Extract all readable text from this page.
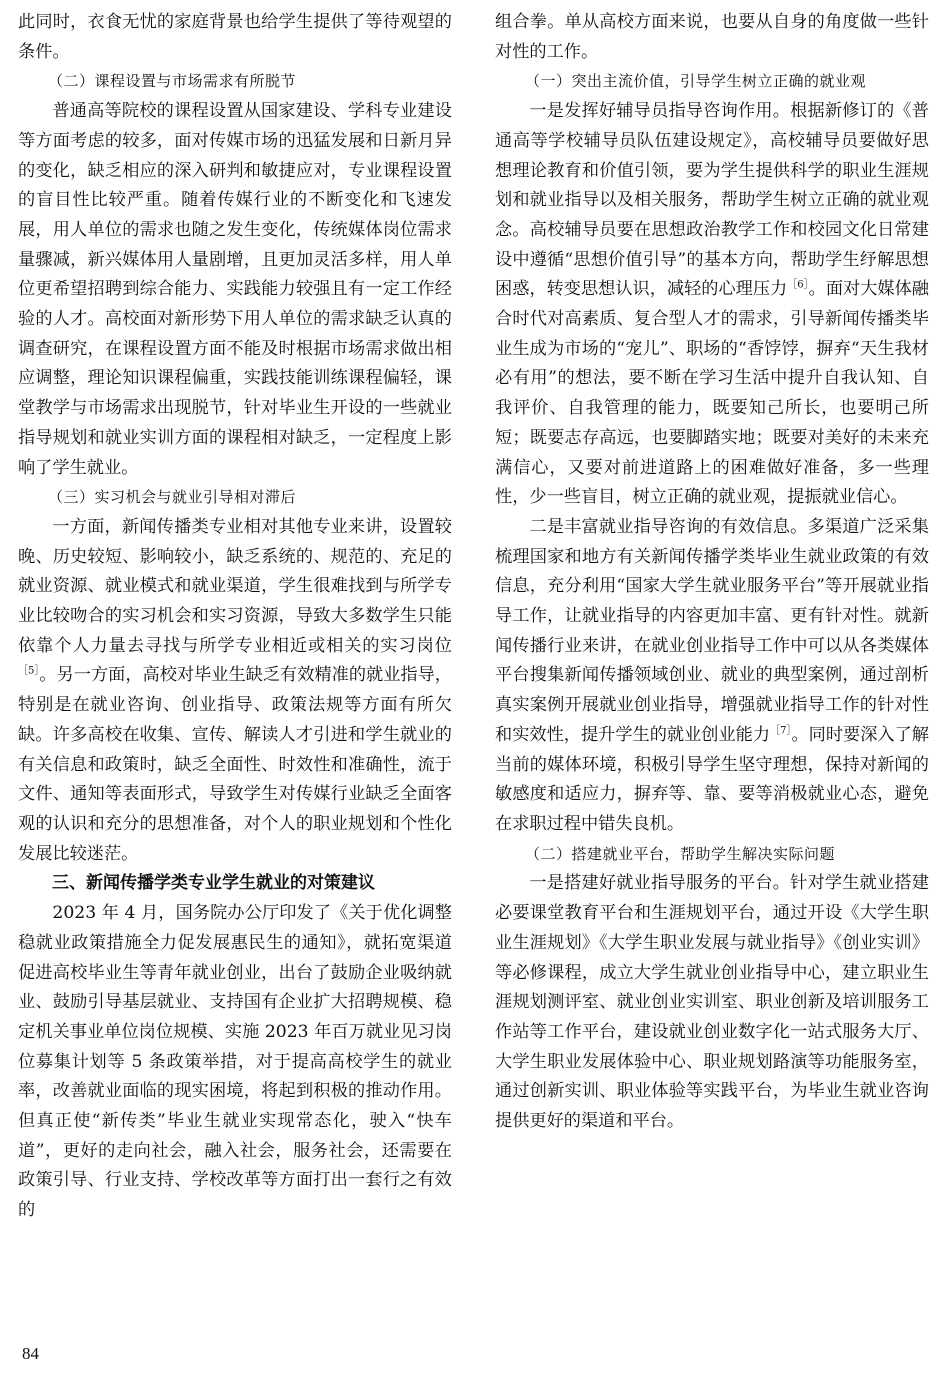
此同时，衣食无忧的家庭背景也给学生提供了等待观望的条件。

（二）课程设置与市场需求有所脱节

普通高等院校的课程设置从国家建设、学科专业建设等方面考虑的较多，面对传媒市场的迅猛发展和日新月异的变化，缺乏相应的深入研判和敏捷应对，专业课程设置的盲目性比较严重。随着传媒行业的不断变化和飞速发展，用人单位的需求也随之发生变化，传统媒体岗位需求量骤减，新兴媒体用人量剧增，且更加灵活多样，用人单位更希望招聘到综合能力、实践能力较强且有一定工作经验的人才。高校面对新形势下用人单位的需求缺乏认真的调查研究，在课程设置方面不能及时根据市场需求做出相应调整，理论知识课程偏重，实践技能训练课程偏轻，课堂教学与市场需求出现脱节，针对毕业生开设的一些就业指导规划和就业实训方面的课程相对缺乏，一定程度上影响了学生就业。

（三）实习机会与就业引导相对滞后

一方面，新闻传播类专业相对其他专业来讲，设置较晚、历史较短、影响较小，缺乏系统的、规范的、充足的就业资源、就业模式和就业渠道，学生很难找到与所学专业比较吻合的实习机会和实习资源，导致大多数学生只能依靠个人力量去寻找与所学专业相近或相关的实习岗位$^{[5]}$。另一方面，高校对毕业生缺乏有效精准的就业指导，特别是在就业咨询、创业指导、政策法规等方面有所欠缺。许多高校在收集、宣传、解读人才引进和学生就业的有关信息和政策时，缺乏全面性、时效性和准确性，流于文件、通知等表面形式，导致学生对传媒行业缺乏全面客观的认识和充分的思想准备，对个人的职业规划和个性化发展比较迷茫。

三、新闻传播学类专业学生就业的对策建议

2023 年 4 月，国务院办公厅印发了《关于优化调整稳就业政策措施全力促发展惠民生的通知》，就拓宽渠道促进高校毕业生等青年就业创业，出台了鼓励企业吸纳就业、鼓励引导基层就业、支持国有企业扩大招聘规模、稳定机关事业单位岗位规模、实施 2023 年百万就业见习岗位募集计划等 5 条政策举措，对于提高高校学生的就业率，改善就业面临的现实困境，将起到积极的推动作用。但真正使“新传类”毕业生就业实现常态化，驶入“快车道”，更好的走向社会，融入社会，服务社会，还需要在政策引导、行业支持、学校改革等方面打出一套行之有效的

组合拳。单从高校方面来说，也要从自身的角度做一些针对性的工作。

（一）突出主流价值，引导学生树立正确的就业观

一是发挥好辅导员指导咨询作用。根据新修订的《普通高等学校辅导员队伍建设规定》，高校辅导员要做好思想理论教育和价值引领，要为学生提供科学的职业生涯规划和就业指导以及相关服务，帮助学生树立正确的就业观念。高校辅导员要在思想政治教学工作和校园文化日常建设中遵循“思想价值引导”的基本方向，帮助学生纾解思想困惑，转变思想认识，减轻的心理压力$^{[6]}$。面对大媒体融合时代对高素质、复合型人才的需求，引导新闻传播类毕业生成为市场的“宠儿”、职场的“香饽饽，摒弃“天生我材必有用”的想法，要不断在学习生活中提升自我认知、自我评价、自我管理的能力，既要知己所长，也要明己所短；既要志存高远，也要脚踏实地；既要对美好的未来充满信心，又要对前进道路上的困难做好准备，多一些理性，少一些盲目，树立正确的就业观，提振就业信心。

二是丰富就业指导咨询的有效信息。多渠道广泛采集梳理国家和地方有关新闻传播学类毕业生就业政策的有效信息，充分利用“国家大学生就业服务平台”等开展就业指导工作，让就业指导的内容更加丰富、更有针对性。就新闻传播行业来讲，在就业创业指导工作中可以从各类媒体平台搜集新闻传播领域创业、就业的典型案例，通过剖析真实案例开展就业创业指导，增强就业指导工作的针对性和实效性，提升学生的就业创业能力$^{[7]}$。同时要深入了解当前的媒体环境，积极引导学生坚守理想，保持对新闻的敏感度和适应力，摒弃等、靠、要等消极就业心态，避免在求职过程中错失良机。

（二）搭建就业平台，帮助学生解决实际问题

一是搭建好就业指导服务的平台。针对学生就业搭建必要课堂教育平台和生涯规划平台，通过开设《大学生职业生涯规划》《大学生职业发展与就业指导》《创业实训》等必修课程，成立大学生就业创业指导中心，建立职业生涯规划测评室、就业创业实训室、职业创新及培训服务工作站等工作平台，建设就业创业数字化一站式服务大厅、大学生职业发展体验中心、职业规划路演等功能服务室，通过创新实训、职业体验等实践平台，为毕业生就业咨询提供更好的渠道和平台。

84
